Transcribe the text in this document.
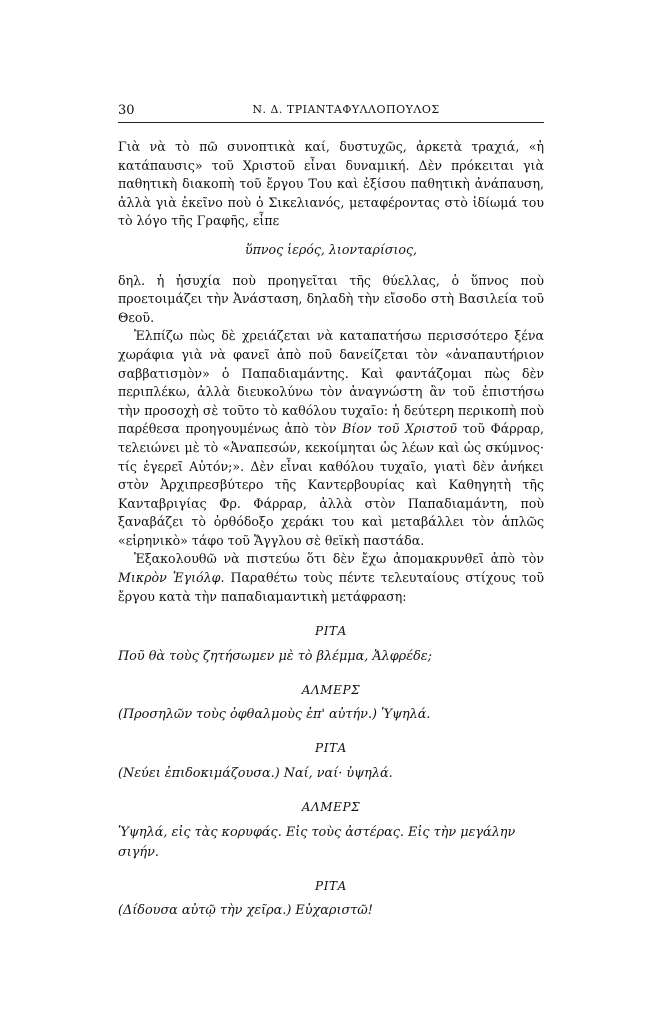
30	Ν. Δ. ΤΡΙΑΝΤΑΦΥΛΛΟΠΟΥΛΟΣ

Γιὰ νὰ τὸ πῶ συνοπτικὰ καί, δυστυχῶς, ἀρκετὰ τραχιά, «ἡ κατάπαυσις» τοῦ Χριστοῦ εἶναι δυναμική. Δὲν πρόκειται γιὰ παθητικὴ διακοπὴ τοῦ ἔργου Του καὶ ἐξίσου παθητικὴ ἀνάπαυση, ἀλλὰ γιὰ ἐκεῖνο ποὺ ὁ Σικελιανός, μεταφέροντας στὸ ἰδίωμά του τὸ λόγο τῆς Γραφῆς, εἶπε

ὕπνος ἱερός, λιονταρίσιος,

δηλ. ἡ ἡσυχία ποὺ προηγεῖται τῆς θύελλας, ὁ ὕπνος ποὺ προετοιμάζει τὴν Ἀνάσταση, δηλαδὴ τὴν εἴσοδο στὴ Βασιλεία τοῦ Θεοῦ.

Ἐλπίζω πὼς δὲ χρειάζεται νὰ καταπατήσω περισσότερο ξένα χωράφια γιὰ νὰ φανεῖ ἀπὸ ποῦ δανείζεται τὸν «ἀναπαυτήριον σαββατισμὸν» ὁ Παπαδιαμάντης. Καὶ φαντάζομαι πὼς δὲν περιπλέκω, ἀλλὰ διευκολύνω τὸν ἀναγνώστη ἂν τοῦ ἐπιστήσω τὴν προσοχὴ σὲ τοῦτο τὸ καθόλου τυχαῖο: ἡ δεύτερη περικοπὴ ποὺ παρέθεσα προηγουμένως ἀπὸ τὸν Βίον τοῦ Χριστοῦ τοῦ Φάρραρ, τελειώνει μὲ τὸ «Ἀναπεσών, κεκοίμηται ὡς λέων καὶ ὡς σκύμνος· τίς ἐγερεῖ Αὐτόν;». Δὲν εἶναι καθόλου τυχαῖο, γιατὶ δὲν ἀνήκει στὸν Ἀρχιπρεσβύτερο τῆς Καντερβουρίας καὶ Καθηγητὴ τῆς Κανταβριγίας Φρ. Φάρραρ, ἀλλὰ στὸν Παπαδιαμάντη, ποὺ ξαναβάζει τὸ ὀρθόδοξο χεράκι του καὶ μεταβάλλει τὸν ἁπλῶς «εἰρηνικὸ» τάφο τοῦ Ἄγγλου σὲ θεϊκὴ παστάδα.

Ἐξακολουθῶ νὰ πιστεύω ὅτι δὲν ἔχω ἀπομακρυνθεῖ ἀπὸ τὸν Μικρὸν Ἐγιόλφ. Παραθέτω τοὺς πέντε τελευταίους στίχους τοῦ ἔργου κατὰ τὴν παπαδιαμαντικὴ μετάφραση:

ΡΙΤΑ
Ποῦ θὰ τοὺς ζητήσωμεν μὲ τὸ βλέμμα, Ἀλφρέδε;
ΑΛΜΕΡΣ
(Προσηλῶν τοὺς ὀφθαλμοὺς ἐπ' αὐτήν.) Ὑψηλά.
ΡΙΤΑ
(Νεύει ἐπιδοκιμάζουσα.) Ναί, ναί· ὑψηλά.
ΑΛΜΕΡΣ
Ὑψηλά, εἰς τὰς κορυφάς. Εἰς τοὺς ἀστέρας. Εἰς τὴν μεγάλην σιγήν.
ΡΙΤΑ
(Δίδουσα αὐτῷ τὴν χεῖρα.) Εὐχαριστῶ!
